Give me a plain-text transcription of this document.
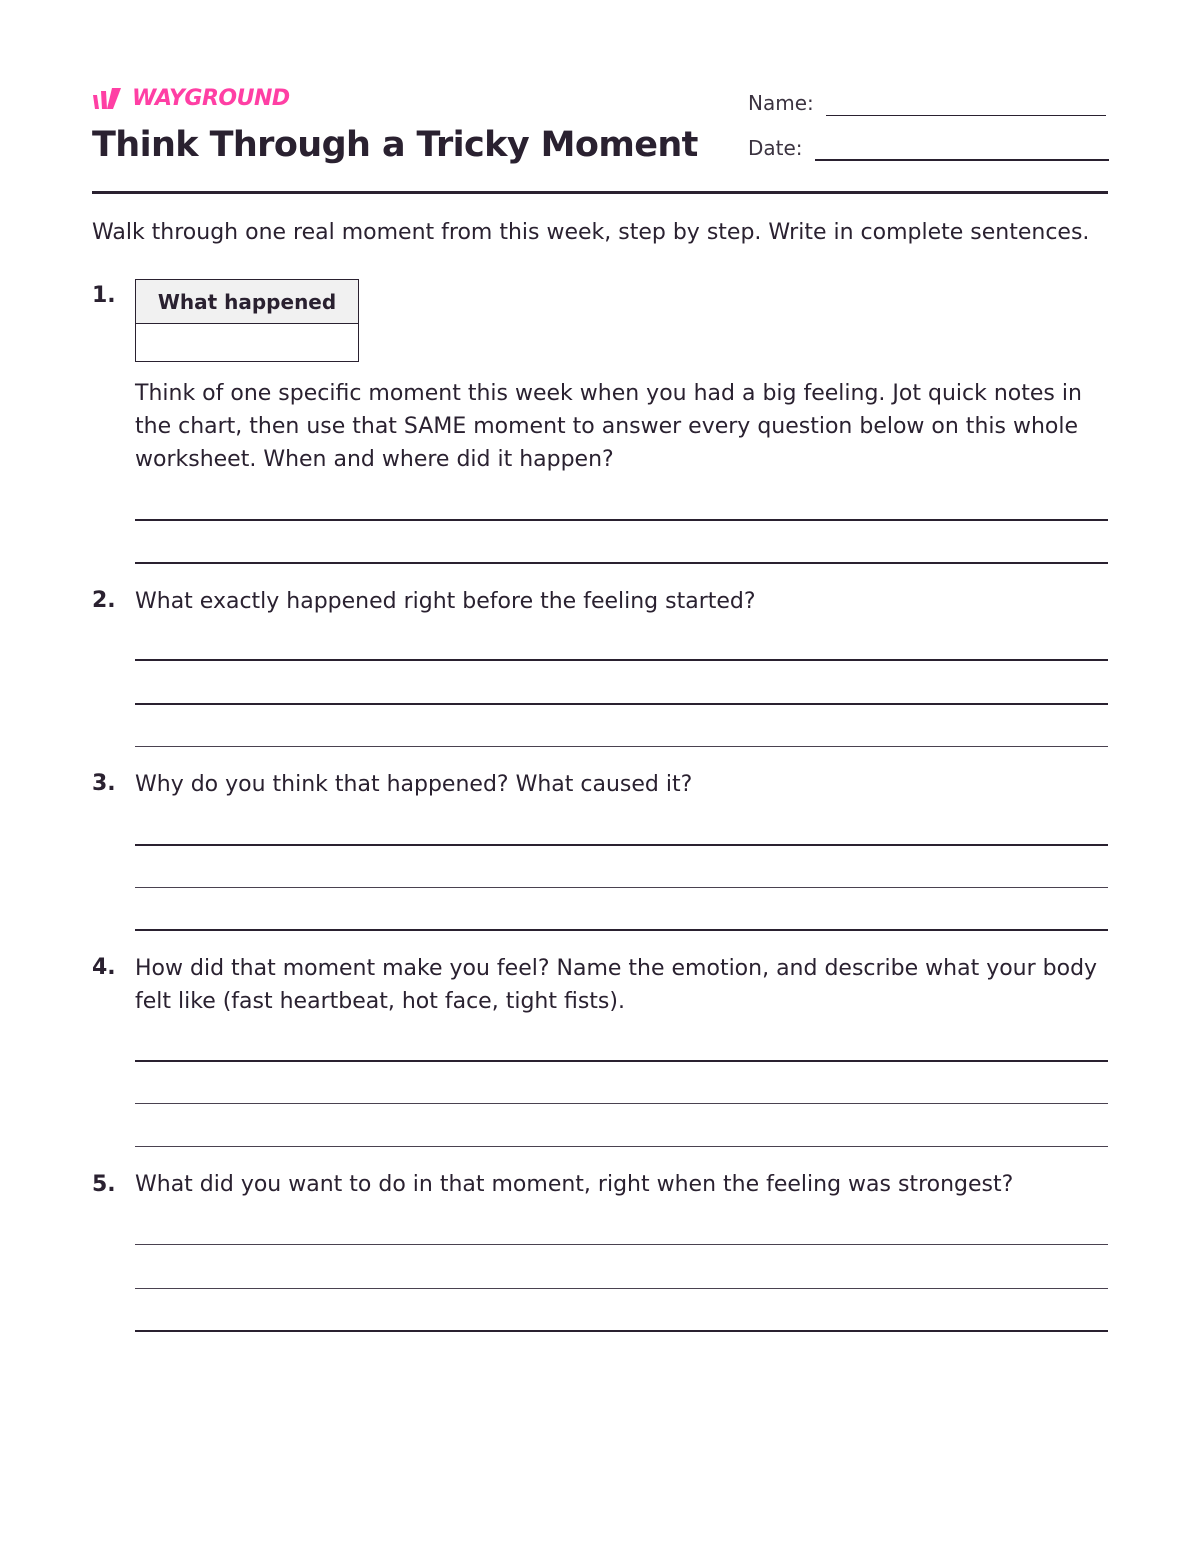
WAYGROUND
Think Through a Tricky Moment
Name:
Date:
Walk through one real moment from this week, step by step. Write in complete sentences.
1.	What happened
Think of one specific moment this week when you had a big feeling. Jot quick notes in the chart, then use that SAME moment to answer every question below on this whole worksheet. When and where did it happen?
2. What exactly happened right before the feeling started?
3. Why do you think that happened? What caused it?
4. How did that moment make you feel? Name the emotion, and describe what your body felt like (fast heartbeat, hot face, tight fists).
5. What did you want to do in that moment, right when the feeling was strongest?
